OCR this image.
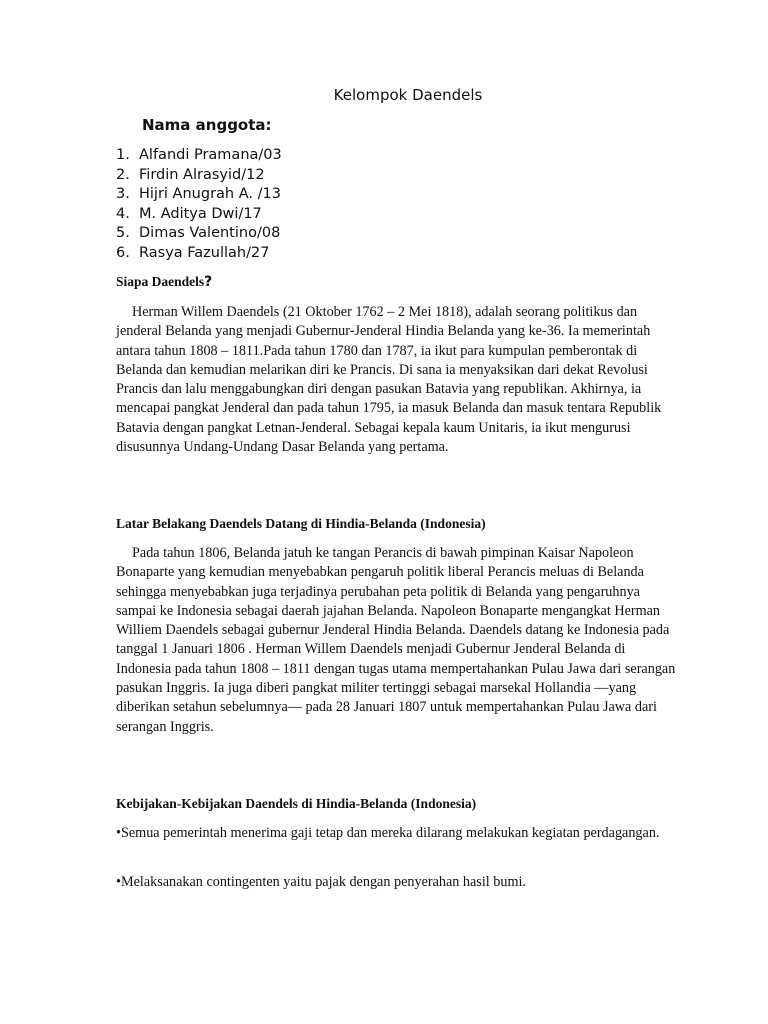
Kelompok Daendels
Nama anggota:
1. Alfandi Pramana/03
2. Firdin Alrasyid/12
3. Hijri Anugrah A. /13
4. M. Aditya Dwi/17
5. Dimas Valentino/08
6. Rasya Fazullah/27
Siapa Daendels?

Herman Willem Daendels (21 Oktober 1762 – 2 Mei 1818), adalah seorang politikus dan jenderal Belanda yang menjadi Gubernur-Jenderal Hindia Belanda yang ke-36. Ia memerintah antara tahun 1808 – 1811.Pada tahun 1780 dan 1787, ia ikut para kumpulan pemberontak di Belanda dan kemudian melarikan diri ke Prancis. Di sana ia menyaksikan dari dekat Revolusi Prancis dan lalu menggabungkan diri dengan pasukan Batavia yang republikan. Akhirnya, ia mencapai pangkat Jenderal dan pada tahun 1795, ia masuk Belanda dan masuk tentara Republik Batavia dengan pangkat Letnan-Jenderal. Sebagai kepala kaum Unitaris, ia ikut mengurusi disusunnya Undang-Undang Dasar Belanda yang pertama.

Latar Belakang Daendels Datang di Hindia-Belanda (Indonesia)

Pada tahun 1806, Belanda jatuh ke tangan Perancis di bawah pimpinan Kaisar Napoleon Bonaparte yang kemudian menyebabkan pengaruh politik liberal Perancis meluas di Belanda sehingga menyebabkan juga terjadinya perubahan peta politik di Belanda yang pengaruhnya sampai ke Indonesia sebagai daerah jajahan Belanda. Napoleon Bonaparte mengangkat Herman Williem Daendels sebagai gubernur Jenderal Hindia Belanda. Daendels datang ke Indonesia pada tanggal 1 Januari 1806 . Herman Willem Daendels menjadi Gubernur Jenderal Belanda di Indonesia pada tahun 1808 – 1811 dengan tugas utama mempertahankan Pulau Jawa dari serangan pasukan Inggris. Ia juga diberi pangkat militer tertinggi sebagai marsekal Hollandia —yang diberikan setahun sebelumnya— pada 28 Januari 1807 untuk mempertahankan Pulau Jawa dari serangan Inggris.

Kebijakan-Kebijakan Daendels di Hindia-Belanda (Indonesia)

•Semua pemerintah menerima gaji tetap dan mereka dilarang melakukan kegiatan perdagangan.

•Melaksanakan contingenten yaitu pajak dengan penyerahan hasil bumi.
